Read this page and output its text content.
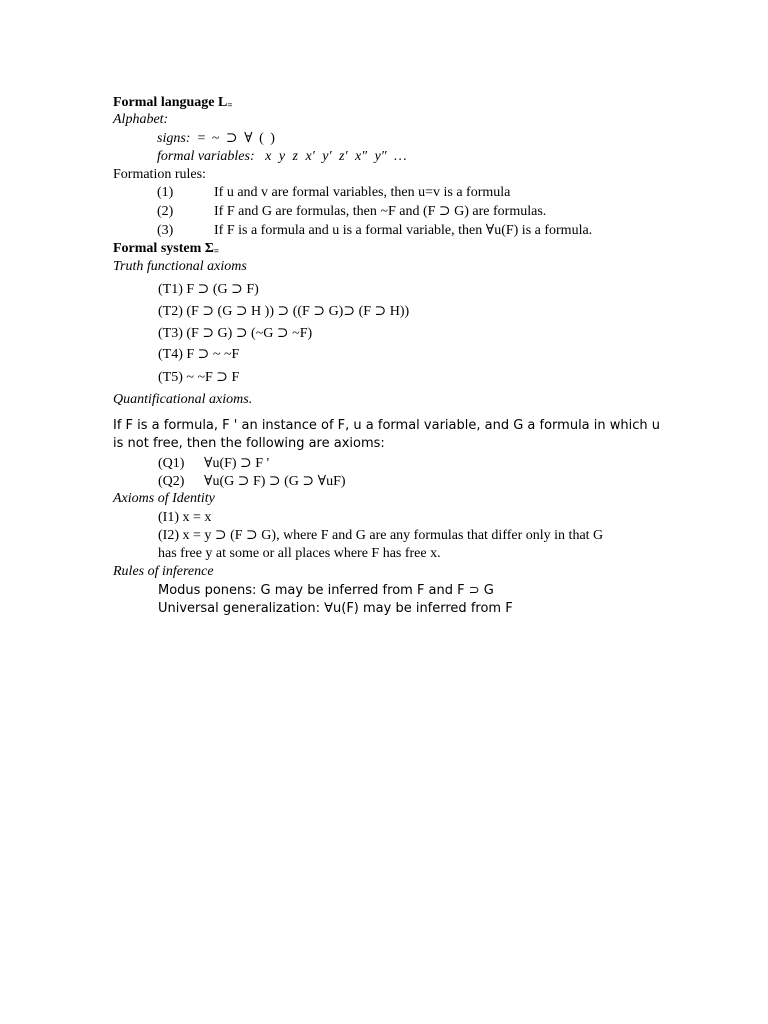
Formal language $L_=$
Alphabet:
signs: = ~ ⊃ ∀ ( )
formal variables: x y z x′ y′ z′ x″ y″ …
Formation rules:
(1)	If u and v are formal variables, then u=v is a formula
(2)	If F and G are formulas, then ~F and (F ⊃ G) are formulas.
(3)	If F is a formula and u is a formal variable, then ∀u(F) is a formula.
Formal system $\Sigma_=$
Truth functional axioms
(T1) F ⊃ (G ⊃ F)
(T2) (F ⊃ (G ⊃ H )) ⊃ ((F ⊃ G)⊃ (F ⊃ H))
(T3) (F ⊃ G) ⊃ (~G ⊃ ~F)
(T4) F ⊃ ~ ~F
(T5) ~ ~F ⊃ F
Quantificational axioms.
If F is a formula, F ' an instance of F, u a formal variable, and G a formula in which u
is not free, then the following are axioms:
(Q1) ∀u(F) ⊃ F '
(Q2) ∀u(G ⊃ F) ⊃ (G ⊃ ∀uF)
Axioms of Identity
(I1) x = x
(I2) x = y ⊃ (F ⊃ G), where F and G are any formulas that differ only in that G
has free y at some or all places where F has free x.
Rules of inference
Modus ponens: G may be inferred from F and F ⊃ G
Universal generalization: ∀u(F) may be inferred from F
